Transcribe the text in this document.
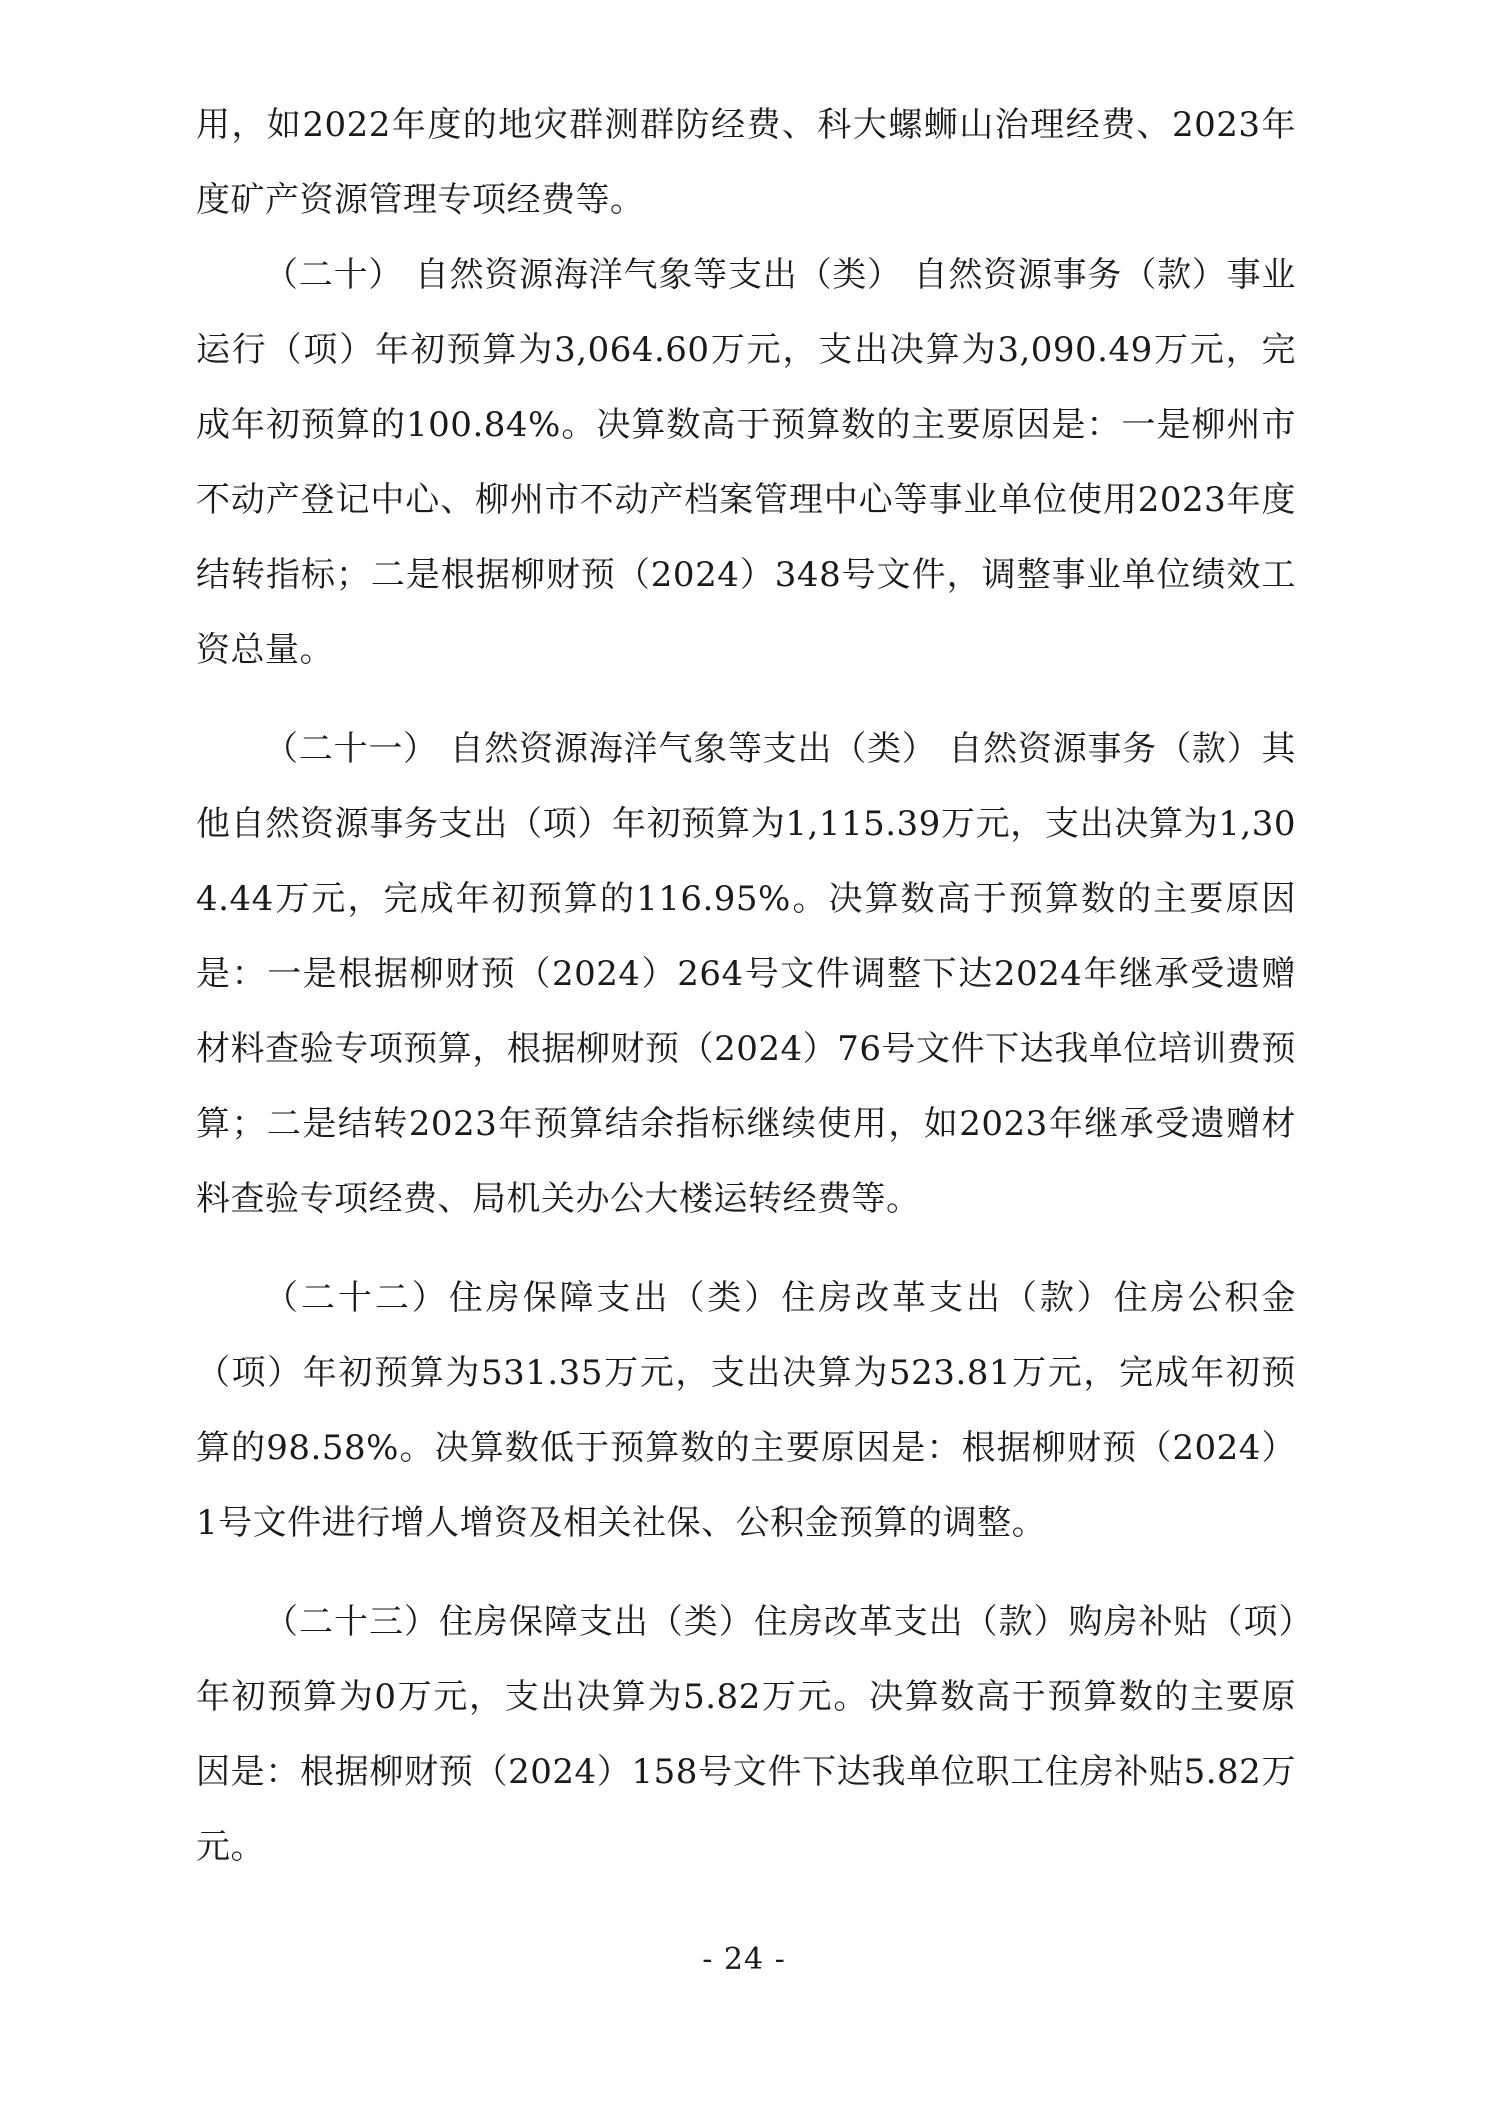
用，如2022年度的地灾群测群防经费、科大螺蛳山治理经费、2023年度矿产资源管理专项经费等。

（二十） 自然资源海洋气象等支出（类） 自然资源事务（款）事业运行（项）年初预算为3,064.60万元，支出决算为3,090.49万元，完成年初预算的100.84%。决算数高于预算数的主要原因是：一是柳州市不动产登记中心、柳州市不动产档案管理中心等事业单位使用2023年度结转指标；二是根据柳财预（2024）348号文件，调整事业单位绩效工资总量。

（二十一） 自然资源海洋气象等支出（类） 自然资源事务（款）其他自然资源事务支出（项）年初预算为1,115.39万元，支出决算为1,304.44万元，完成年初预算的116.95%。决算数高于预算数的主要原因是：一是根据柳财预（2024）264号文件调整下达2024年继承受遗赠材料查验专项预算，根据柳财预（2024）76号文件下达我单位培训费预算；二是结转2023年预算结余指标继续使用，如2023年继承受遗赠材料查验专项经费、局机关办公大楼运转经费等。

（二十二）住房保障支出（类）住房改革支出（款）住房公积金（项）年初预算为531.35万元，支出决算为523.81万元，完成年初预算的98.58%。决算数低于预算数的主要原因是：根据柳财预（2024）1号文件进行增人增资及相关社保、公积金预算的调整。

（二十三）住房保障支出（类）住房改革支出（款）购房补贴（项）年初预算为0万元，支出决算为5.82万元。决算数高于预算数的主要原因是：根据柳财预（2024）158号文件下达我单位职工住房补贴5.82万元。

- 24 -
